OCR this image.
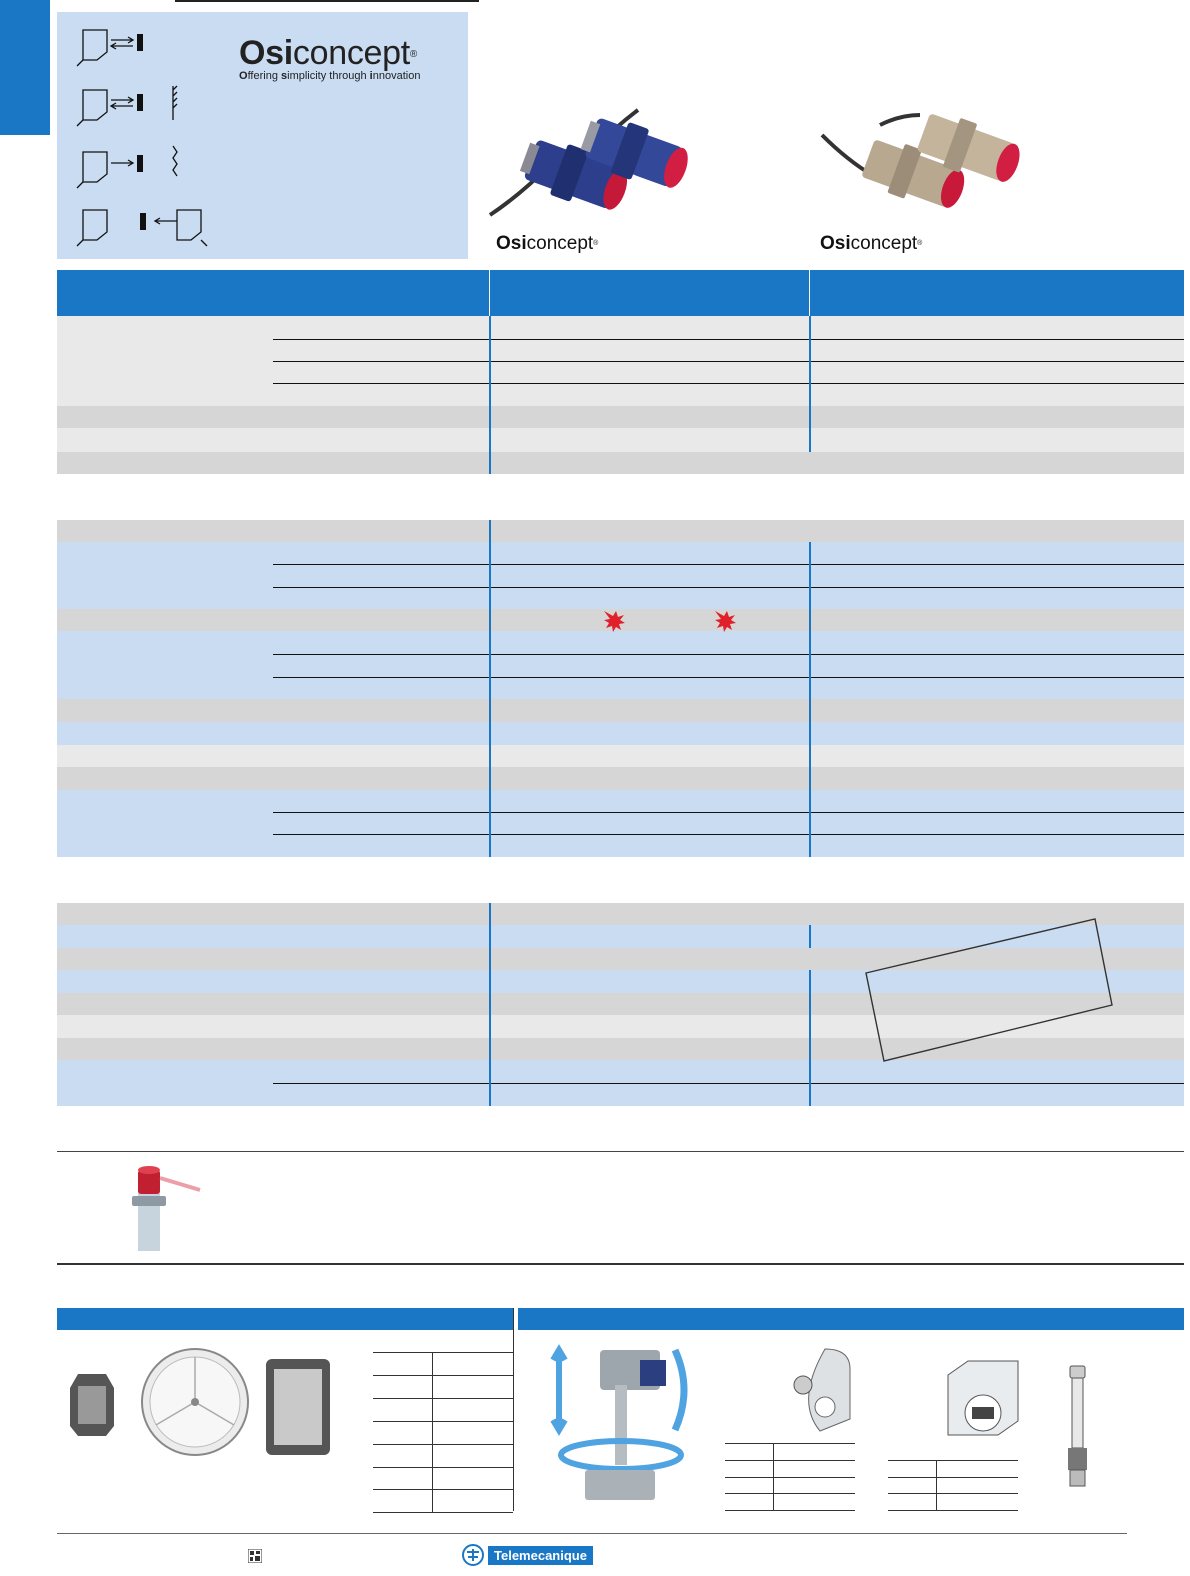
Osiconcept®
Offering simplicity through innovation
Osiconcept®	Osiconcept®
Telemecanique
